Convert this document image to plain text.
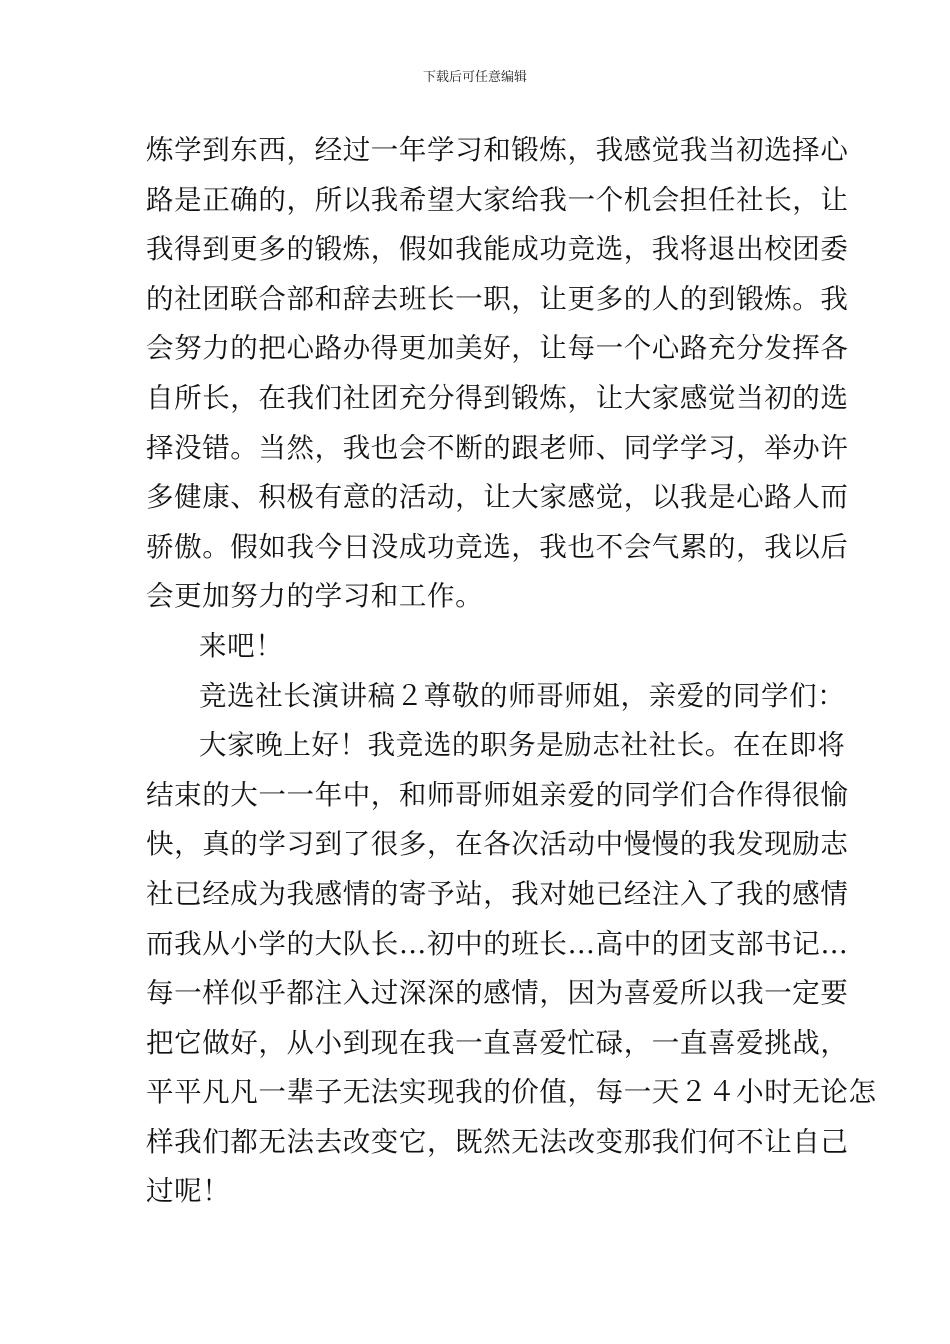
下载后可任意编辑
炼学到东西，经过一年学习和锻炼，我感觉我当初选择心
路是正确的，所以我希望大家给我一个机会担任社长，让
我得到更多的锻炼，假如我能成功竞选，我将退出校团委
的社团联合部和辞去班长一职，让更多的人的到锻炼。我
会努力的把心路办得更加美好，让每一个心路充分发挥各
自所长，在我们社团充分得到锻炼，让大家感觉当初的选
择没错。当然，我也会不断的跟老师、同学学习，举办许
多健康、积极有意的活动，让大家感觉，以我是心路人而
骄傲。假如我今日没成功竞选，我也不会气累的，我以后
会更加努力的学习和工作。
来吧！
竞选社长演讲稿２尊敬的师哥师姐，亲爱的同学们：
大家晚上好！我竞选的职务是励志社社长。在在即将
结束的大一一年中，和师哥师姐亲爱的同学们合作得很愉
快，真的学习到了很多，在各次活动中慢慢的我发现励志
社已经成为我感情的寄予站，我对她已经注入了我的感情
而我从小学的大队长…初中的班长…高中的团支部书记…
每一样似乎都注入过深深的感情，因为喜爱所以我一定要
把它做好，从小到现在我一直喜爱忙碌，一直喜爱挑战，
平平凡凡一辈子无法实现我的价值，每一天２４小时无论怎
样我们都无法去改变它，既然无法改变那我们何不让自己
过呢！
